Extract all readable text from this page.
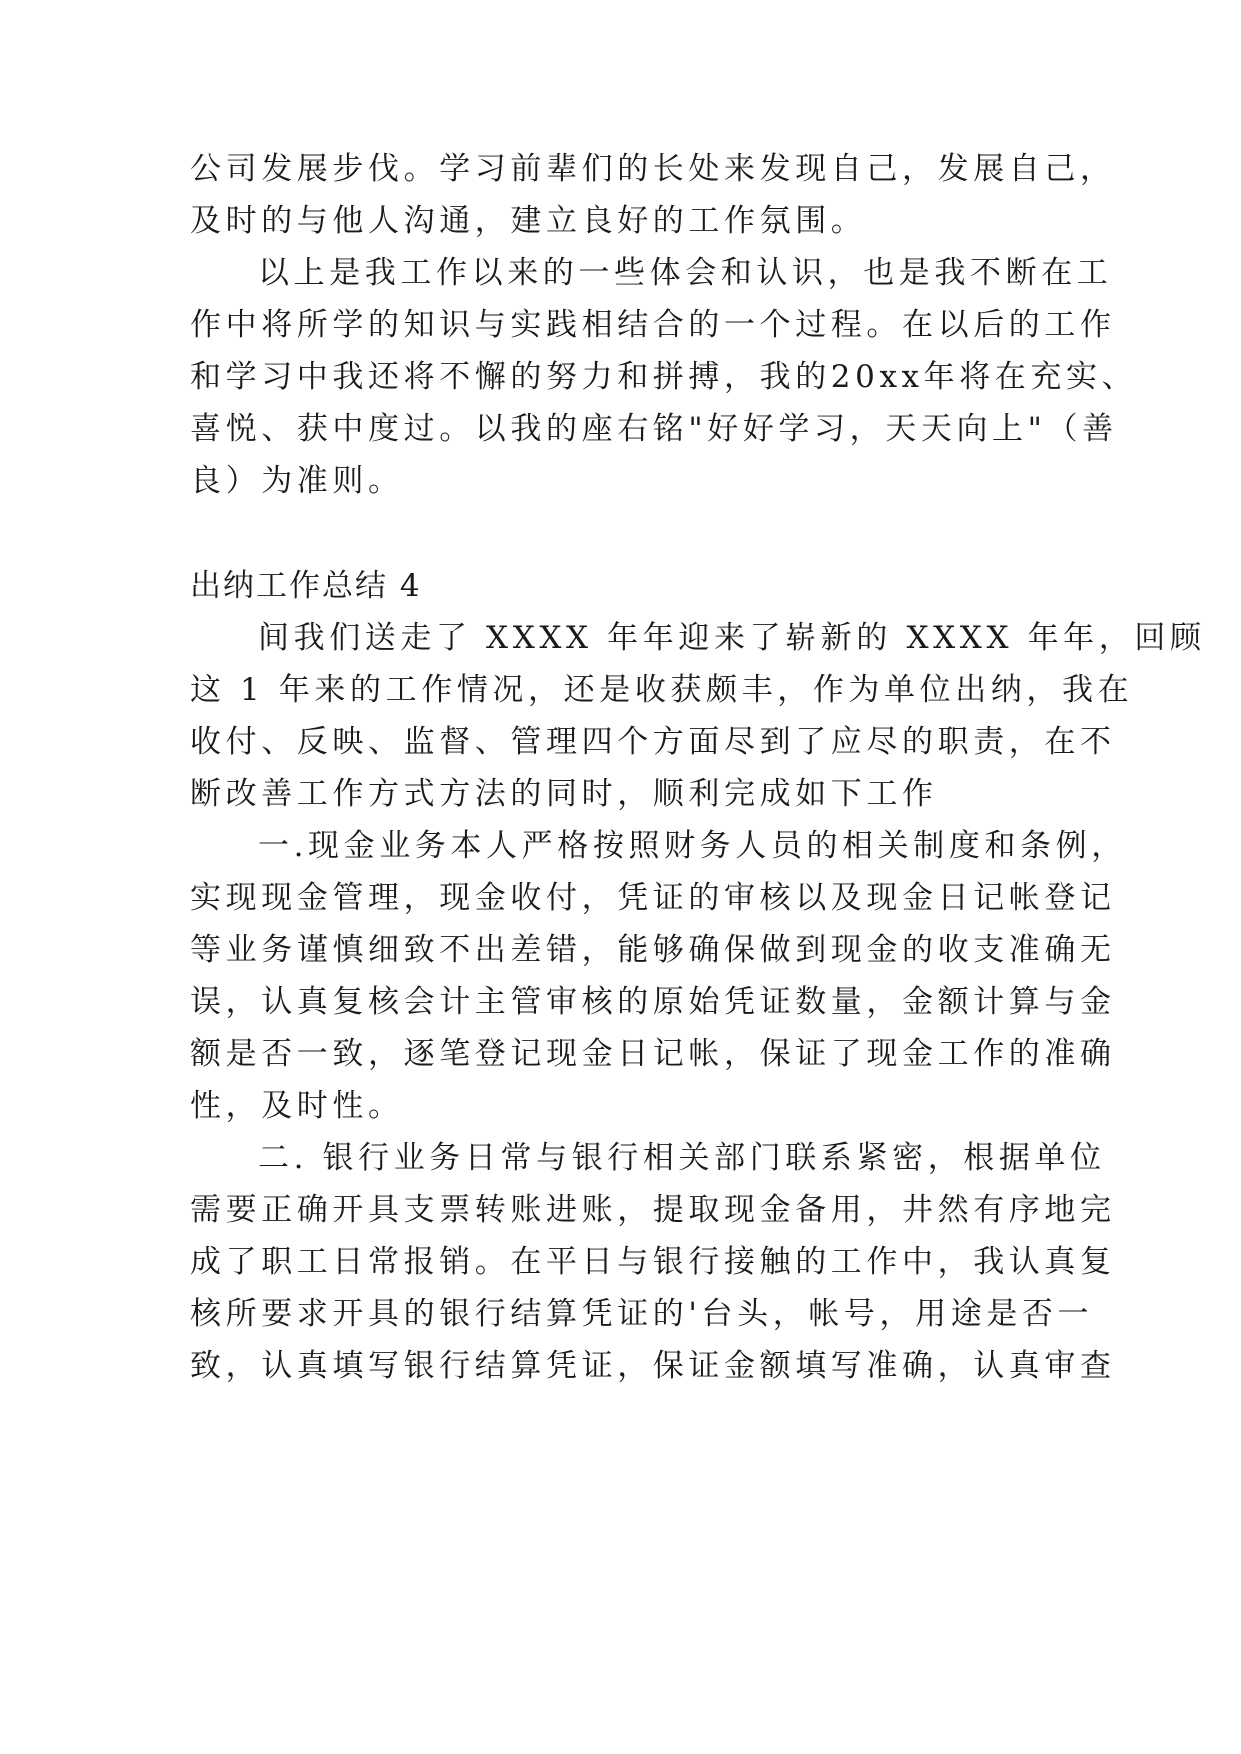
公司发展步伐。学习前辈们的长处来发现自己，发展自己，
及时的与他人沟通，建立良好的工作氛围。
以上是我工作以来的一些体会和认识，也是我不断在工
作中将所学的知识与实践相结合的一个过程。在以后的工作
和学习中我还将不懈的努力和拼搏，我的20xx年将在充实、
喜悦、获中度过。以我的座右铭"好好学习，天天向上"（善
良）为准则。
出纳工作总结 4
间我们送走了 XXXX 年年迎来了崭新的 XXXX 年年，回顾
这 1 年来的工作情况，还是收获颇丰，作为单位出纳，我在
收付、反映、监督、管理四个方面尽到了应尽的职责，在不
断改善工作方式方法的同时，顺利完成如下工作
一.现金业务本人严格按照财务人员的相关制度和条例，
实现现金管理，现金收付，凭证的审核以及现金日记帐登记
等业务谨慎细致不出差错，能够确保做到现金的收支准确无
误，认真复核会计主管审核的原始凭证数量，金额计算与金
额是否一致，逐笔登记现金日记帐，保证了现金工作的准确
性，及时性。
二. 银行业务日常与银行相关部门联系紧密，根据单位
需要正确开具支票转账进账，提取现金备用，井然有序地完
成了职工日常报销。在平日与银行接触的工作中，我认真复
核所要求开具的银行结算凭证的'台头，帐号，用途是否一
致，认真填写银行结算凭证，保证金额填写准确，认真审查
